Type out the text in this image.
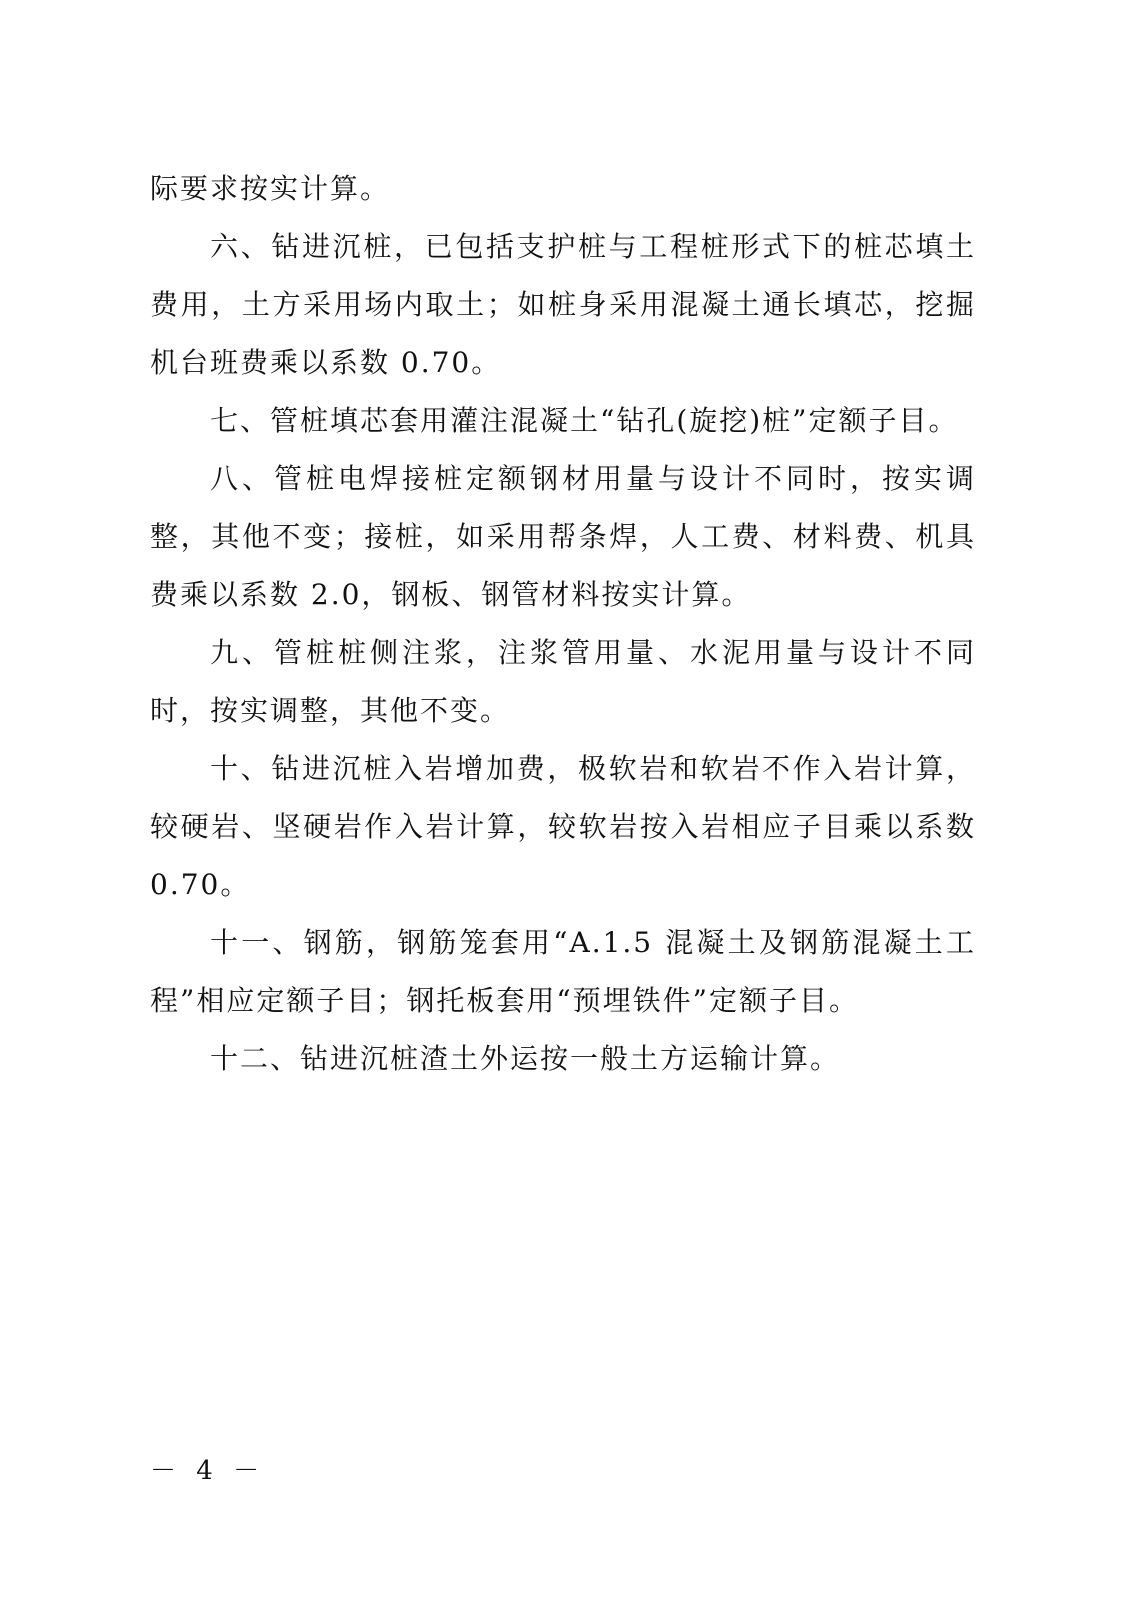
际要求按实计算。

六、钻进沉桩，已包括支护桩与工程桩形式下的桩芯填土费用，土方采用场内取土；如桩身采用混凝土通长填芯，挖掘机台班费乘以系数 0.70。

七、管桩填芯套用灌注混凝土“钻孔(旋挖)桩”定额子目。

八、管桩电焊接桩定额钢材用量与设计不同时，按实调整，其他不变；接桩，如采用帮条焊，人工费、材料费、机具费乘以系数 2.0，钢板、钢管材料按实计算。

九、管桩桩侧注浆，注浆管用量、水泥用量与设计不同时，按实调整，其他不变。

十、钻进沉桩入岩增加费，极软岩和软岩不作入岩计算，较硬岩、坚硬岩作入岩计算，较软岩按入岩相应子目乘以系数 0.70。

十一、钢筋，钢筋笼套用“A.1.5 混凝土及钢筋混凝土工程”相应定额子目；钢托板套用“预埋铁件”定额子目。

十二、钻进沉桩渣土外运按一般土方运输计算。

－ 4 －
